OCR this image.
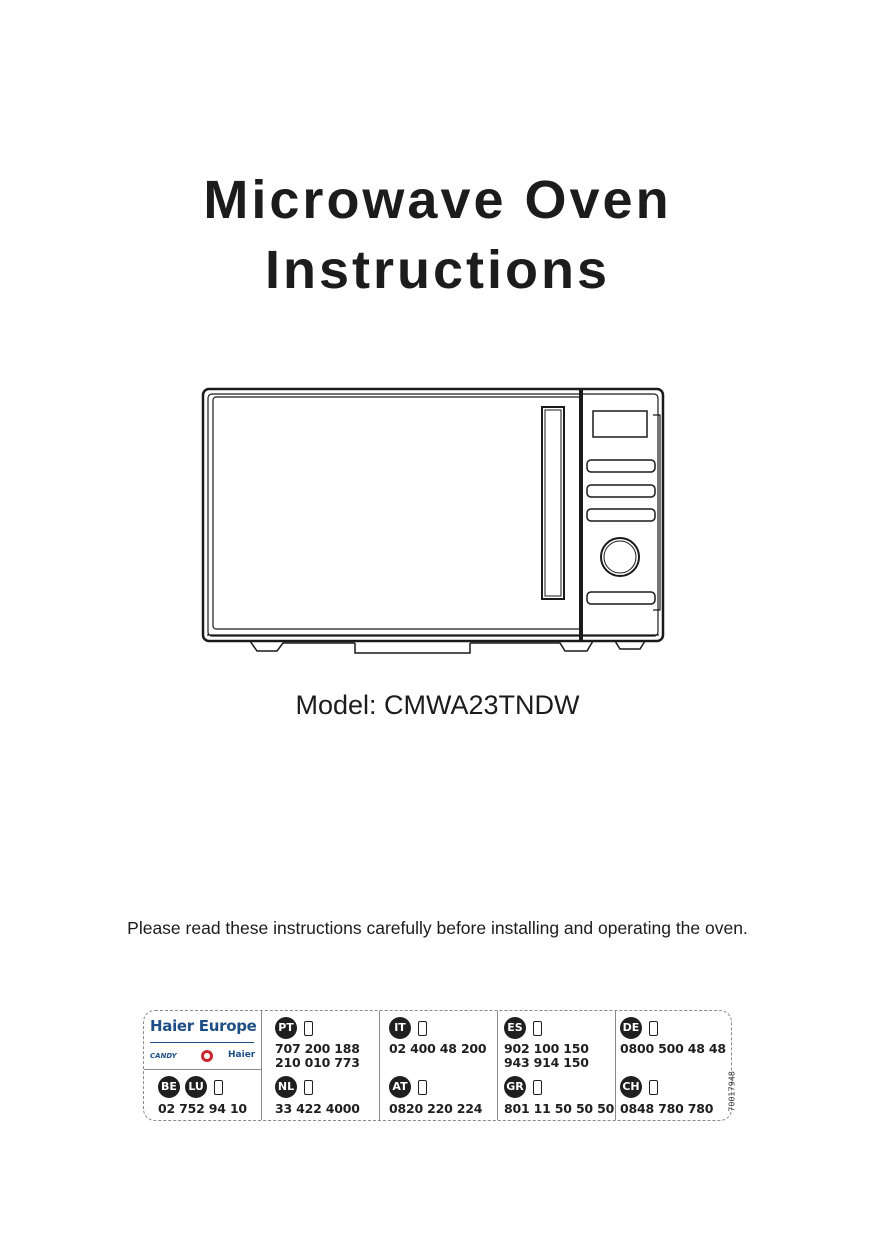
Microwave Oven
Instructions
Model: CMWA23TNDW
Please read these instructions carefully before installing and operating the oven.
Haier Europe
CANDY	Haier
BE LU
02 752 94 10
PT
707 200 188
210 010 773
NL
33 422 4000
IT
02 400 48 200
AT
0820 220 224
ES
902 100 150
943 914 150
GR
801 11 50 50 50
DE
0800 500 48 48
CH
0848 780 780 70017948
